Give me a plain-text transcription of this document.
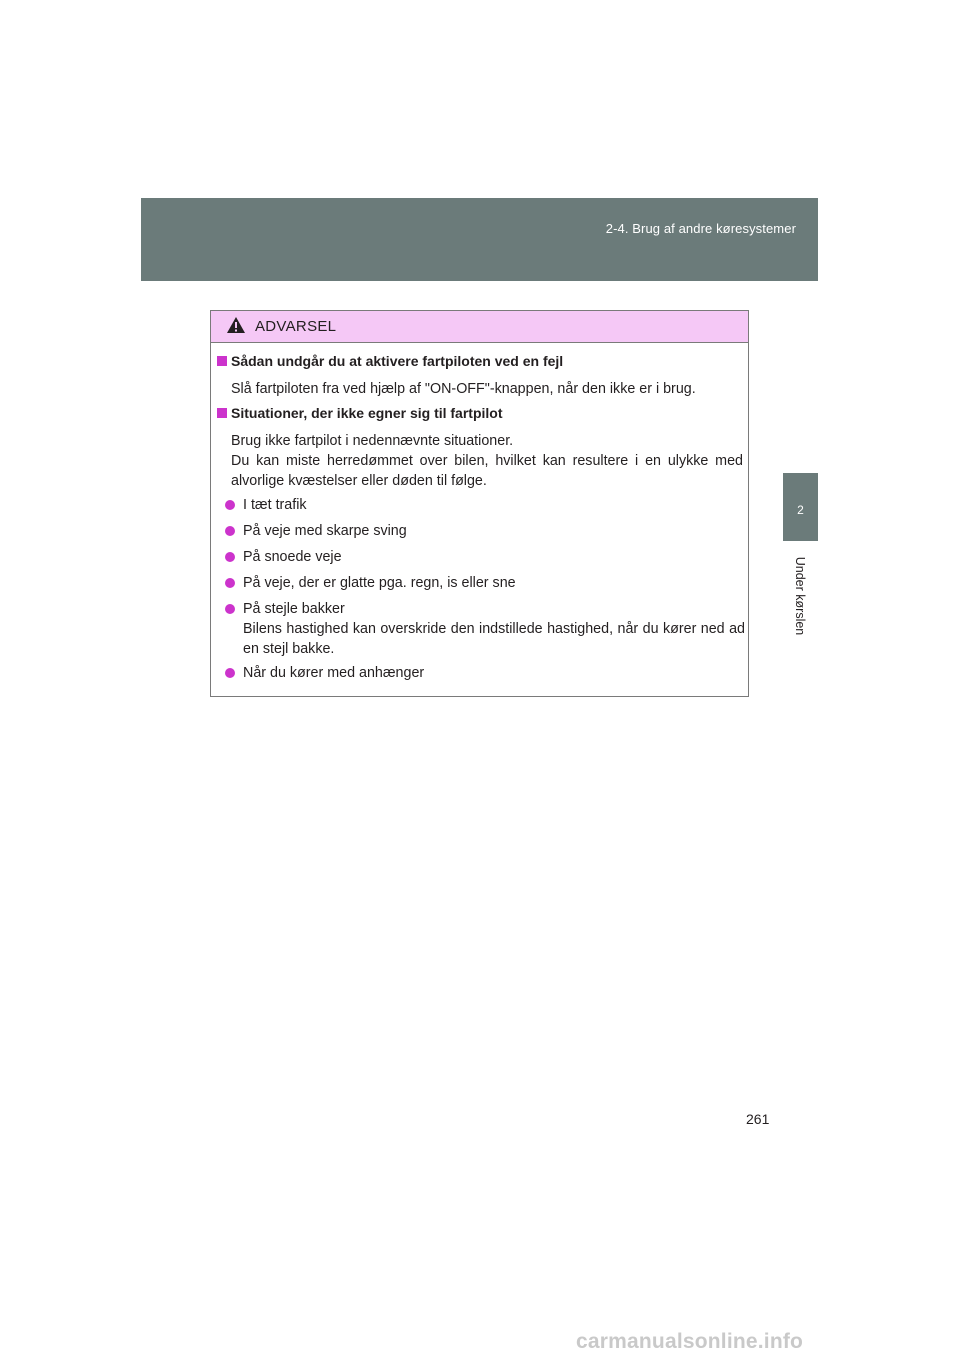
2-4. Brug af andre køresystemer
2
Under kørslen
ADVARSEL
Sådan undgår du at aktivere fartpiloten ved en fejl
Slå fartpiloten fra ved hjælp af "ON-OFF"-knappen, når den ikke er i brug.
Situationer, der ikke egner sig til fartpilot
Brug ikke fartpilot i nedennævnte situationer.
Du kan miste herredømmet over bilen, hvilket kan resultere i en ulykke med alvorlige kvæstelser eller døden til følge.
I tæt trafik
På veje med skarpe sving
På snoede veje
På veje, der er glatte pga. regn, is eller sne
På stejle bakker
Bilens hastighed kan overskride den indstillede hastighed, når du kører ned ad en stejl bakke.
Når du kører med anhænger
261
carmanualsonline.info
